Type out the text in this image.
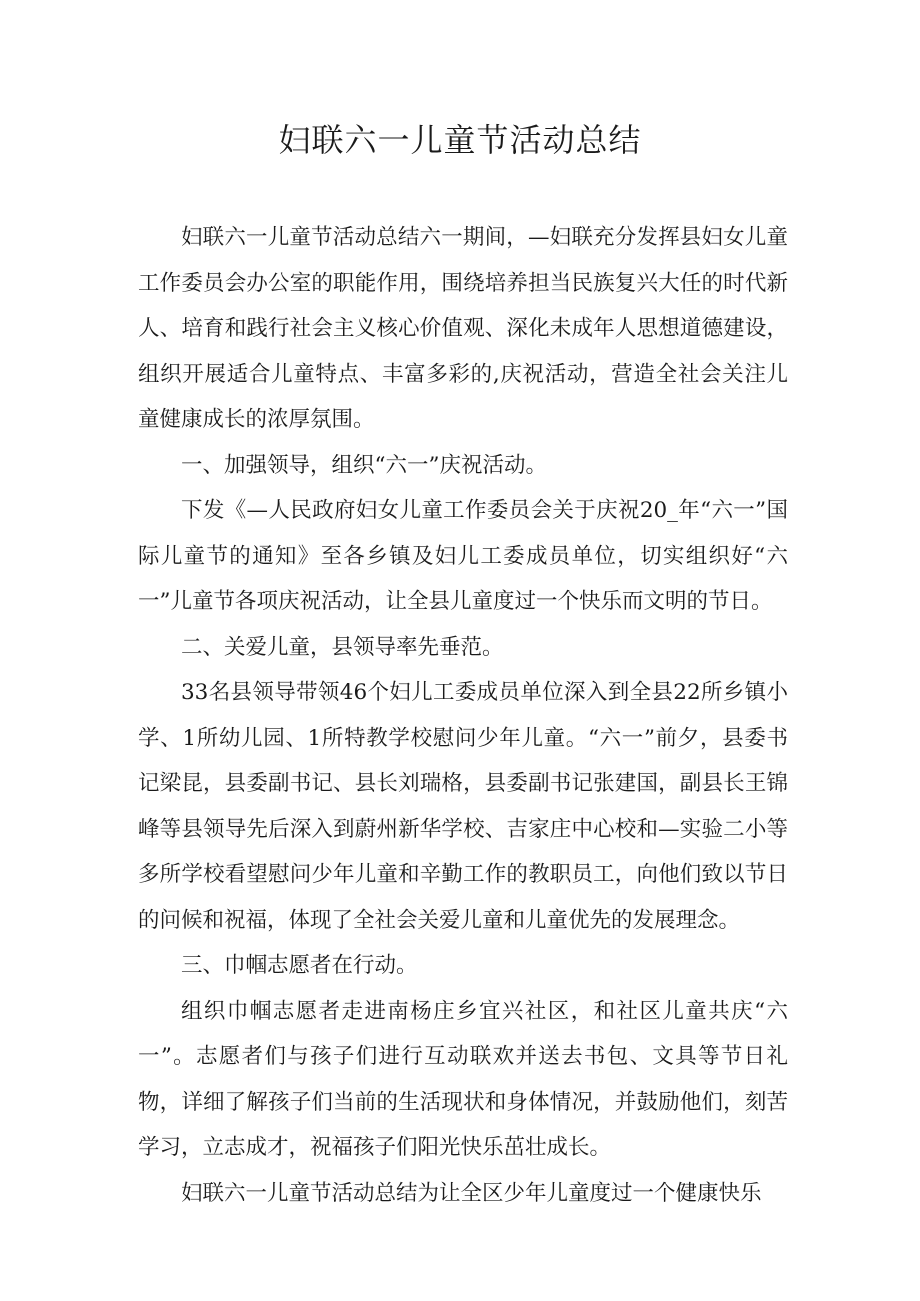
妇联六一儿童节活动总结

妇联六一儿童节活动总结六一期间，—妇联充分发挥县妇女儿童工作委员会办公室的职能作用，围绕培养担当民族复兴大任的时代新人、培育和践行社会主义核心价值观、深化未成年人思想道德建设，组织开展适合儿童特点、丰富多彩的,庆祝活动，营造全社会关注儿童健康成长的浓厚氛围。

一、加强领导，组织“六一”庆祝活动。

下发《—人民政府妇女儿童工作委员会关于庆祝20_年“六一”国际儿童节的通知》至各乡镇及妇儿工委成员单位，切实组织好“六一”儿童节各项庆祝活动，让全县儿童度过一个快乐而文明的节日。

二、关爱儿童，县领导率先垂范。

33名县领导带领46个妇儿工委成员单位深入到全县22所乡镇小学、1所幼儿园、1所特教学校慰问少年儿童。“六一”前夕，县委书记梁昆，县委副书记、县长刘瑞格，县委副书记张建国，副县长王锦峰等县领导先后深入到蔚州新华学校、吉家庄中心校和—实验二小等多所学校看望慰问少年儿童和辛勤工作的教职员工，向他们致以节日的问候和祝福，体现了全社会关爱儿童和儿童优先的发展理念。

三、巾帼志愿者在行动。

组织巾帼志愿者走进南杨庄乡宜兴社区，和社区儿童共庆“六一”。志愿者们与孩子们进行互动联欢并送去书包、文具等节日礼物，详细了解孩子们当前的生活现状和身体情况，并鼓励他们，刻苦学习，立志成才，祝福孩子们阳光快乐茁壮成长。

妇联六一儿童节活动总结为让全区少年儿童度过一个健康快乐
